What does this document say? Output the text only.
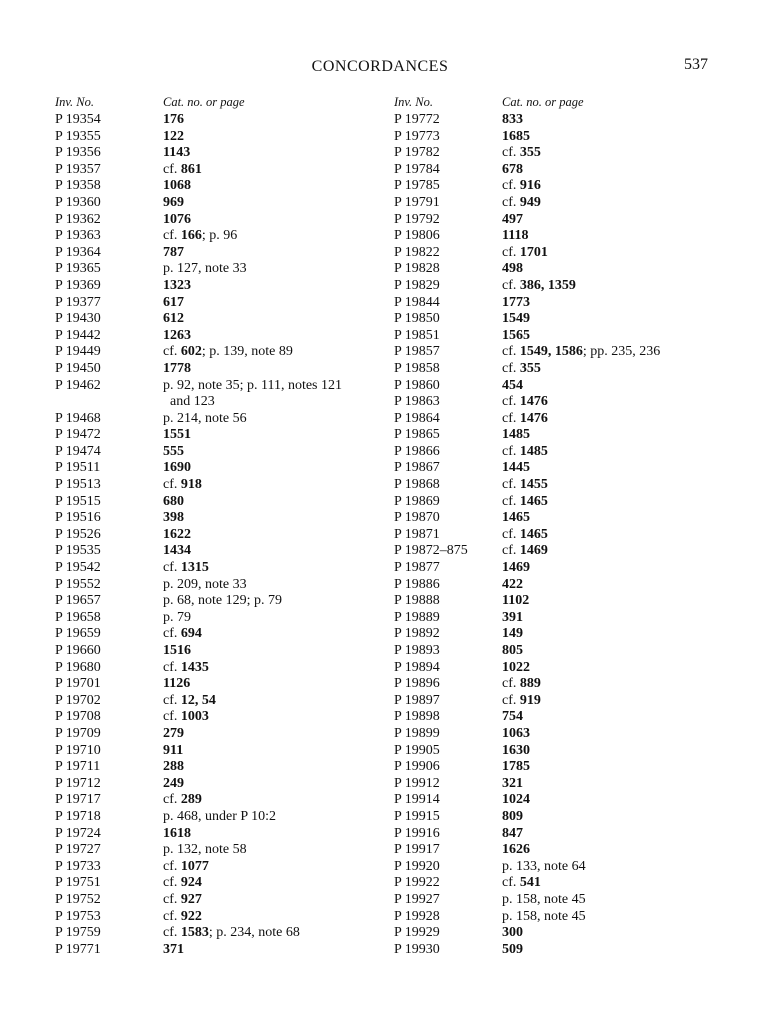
CONCORDANCES	537
Inv. No.	Cat. no. or page
P 19354	176
P 19355	122
P 19356	1143
P 19357	cf. 861
P 19358	1068
P 19360	969
P 19362	1076
P 19363	cf. 166; p. 96
P 19364	787
P 19365	p. 127, note 33
P 19369	1323
P 19377	617
P 19430	612
P 19442	1263
P 19449	cf. 602; p. 139, note 89
P 19450	1778
P 19462	p. 92, note 35; p. 111, notes 121
and 123
P 19468	p. 214, note 56
P 19472	1551
P 19474	555
P 19511	1690
P 19513	cf. 918
P 19515	680
P 19516	398
P 19526	1622
P 19535	1434
P 19542	cf. 1315
P 19552	p. 209, note 33
P 19657	p. 68, note 129; p. 79
P 19658	p. 79
P 19659	cf. 694
P 19660	1516
P 19680	cf. 1435
P 19701	1126
P 19702	cf. 12, 54
P 19708	cf. 1003
P 19709	279
P 19710	911
P 19711	288
P 19712	249
P 19717	cf. 289
P 19718	p. 468, under P 10:2
P 19724	1618
P 19727	p. 132, note 58
P 19733	cf. 1077
P 19751	cf. 924
P 19752	cf. 927
P 19753	cf. 922
P 19759	cf. 1583; p. 234, note 68
P 19771	371
Inv. No.	Cat. no. or page
P 19772	833
P 19773	1685
P 19782	cf. 355
P 19784	678
P 19785	cf. 916
P 19791	cf. 949
P 19792	497
P 19806	1118
P 19822	cf. 1701
P 19828	498
P 19829	cf. 386, 1359
P 19844	1773
P 19850	1549
P 19851	1565
P 19857	cf. 1549, 1586; pp. 235, 236
P 19858	cf. 355
P 19860	454
P 19863	cf. 1476
P 19864	cf. 1476
P 19865	1485
P 19866	cf. 1485
P 19867	1445
P 19868	cf. 1455
P 19869	cf. 1465
P 19870	1465
P 19871	cf. 1465
P 19872–875	cf. 1469
P 19877	1469
P 19886	422
P 19888	1102
P 19889	391
P 19892	149
P 19893	805
P 19894	1022
P 19896	cf. 889
P 19897	cf. 919
P 19898	754
P 19899	1063
P 19905	1630
P 19906	1785
P 19912	321
P 19914	1024
P 19915	809
P 19916	847
P 19917	1626
P 19920	p. 133, note 64
P 19922	cf. 541
P 19927	p. 158, note 45
P 19928	p. 158, note 45
P 19929	300
P 19930	509
